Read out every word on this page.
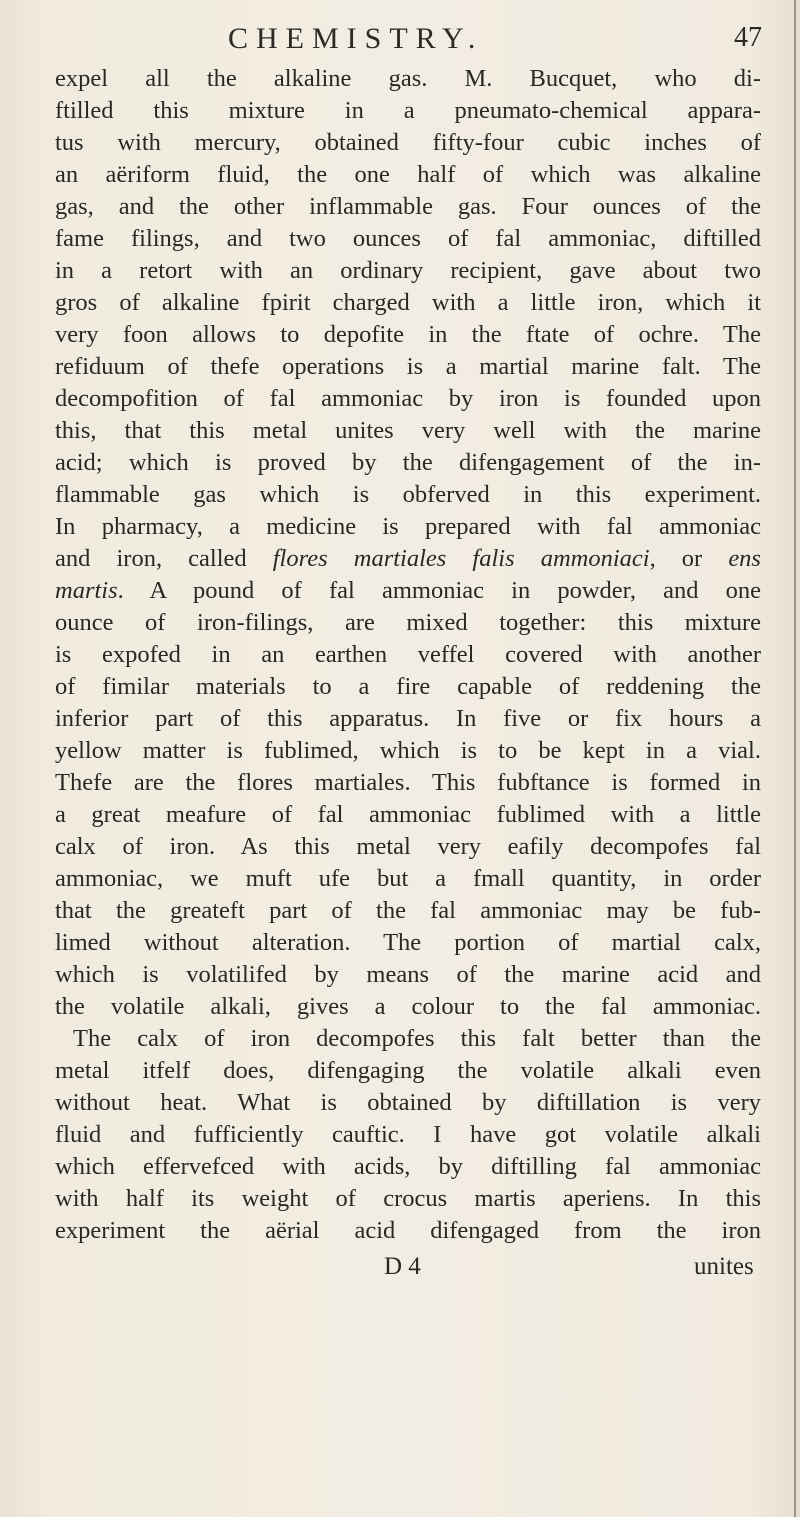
CHEMISTRY.	47
expel all the alkaline gas. M. Bucquet, who di-
ftilled this mixture in a pneumato-chemical appara-
tus with mercury, obtained fifty-four cubic inches of
an aëriform fluid, the one half of which was alkaline
gas, and the other inflammable gas. Four ounces of the
fame filings, and two ounces of fal ammoniac, diftilled
in a retort with an ordinary recipient, gave about two
gros of alkaline fpirit charged with a little iron, which it
very foon allows to depofite in the ftate of ochre. The
refiduum of thefe operations is a martial marine falt. The
decompofition of fal ammoniac by iron is founded upon
this, that this metal unites very well with the marine
acid; which is proved by the difengagement of the in-
flammable gas which is obferved in this experiment.
In pharmacy, a medicine is prepared with fal ammoniac
and iron, called flores martiales falis ammoniaci, or ens
martis. A pound of fal ammoniac in powder, and one
ounce of iron-filings, are mixed together: this mixture
is expofed in an earthen veffel covered with another
of fimilar materials to a fire capable of reddening the
inferior part of this apparatus. In five or fix hours a
yellow matter is fublimed, which is to be kept in a vial.
Thefe are the flores martiales. This fubftance is formed in
a great meafure of fal ammoniac fublimed with a little
calx of iron. As this metal very eafily decompofes fal
ammoniac, we muft ufe but a fmall quantity, in order
that the greateft part of the fal ammoniac may be fub-
limed without alteration. The portion of martial calx,
which is volatilifed by means of the marine acid and
the volatile alkali, gives a colour to the fal ammoniac.
The calx of iron decompofes this falt better than the
metal itfelf does, difengaging the volatile alkali even
without heat. What is obtained by diftillation is very
fluid and fufficiently cauftic. I have got volatile alkali
which effervefced with acids, by diftilling fal ammoniac
with half its weight of crocus martis aperiens. In this
experiment the aërial acid difengaged from the iron
D 4	unites
